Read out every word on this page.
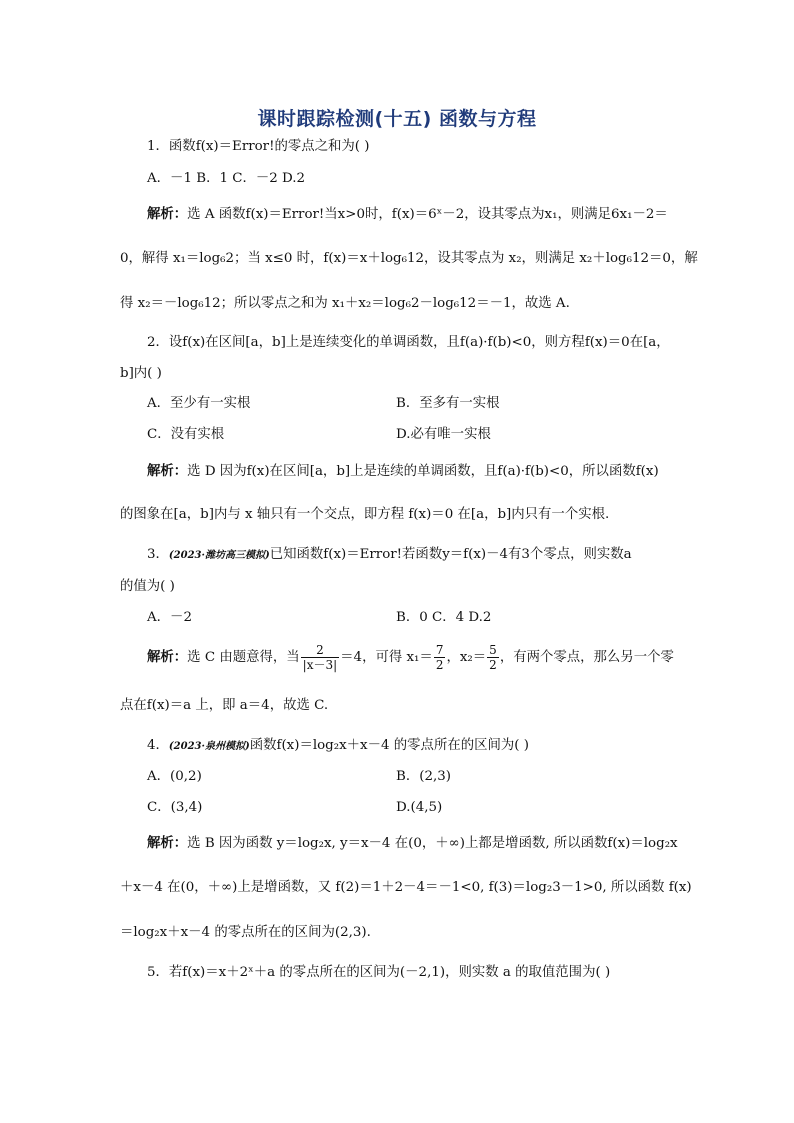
课时跟踪检测(十五) 函数与方程
1．函数f(x)＝Error!的零点之和为( )
A．－1 B．1 C．－2 D.2
解析：选 A 函数f(x)＝Error!当x>0时，f(x)＝6ˣ－2，设其零点为x₁，则满足6x₁－2＝
0，解得 x₁＝log₆2；当 x≤0 时，f(x)＝x＋log₆12，设其零点为 x₂，则满足 x₂＋log₆12＝0，解
得 x₂＝－log₆12；所以零点之和为 x₁＋x₂＝log₆2－log₆12＝－1，故选 A.
2．设f(x)在区间[a，b]上是连续变化的单调函数，且f(a)·f(b)<0，则方程f(x)＝0在[a，
b]内( )
A．至少有一实根	B．至多有一实根
C．没有实根	D.必有唯一实根
解析：选 D 因为f(x)在区间[a，b]上是连续的单调函数，且f(a)·f(b)<0，所以函数f(x)
的图象在[a，b]内与 x 轴只有一个交点，即方程 f(x)＝0 在[a，b]内只有一个实根.
3．(2023·潍坊高三模拟)已知函数f(x)＝Error!若函数y＝f(x)－4有3个零点，则实数a
的值为( )
A．－2	B．0 C．4 D.2
解析：选 C 由题意得，当 $\frac{2}{|x-3|} =4$，可得 $x_1= \frac{7}{2}$ ，$x_2= \frac{5}{2}$ ，有两个零点，那么另一个零
点在f(x)＝a 上，即 a＝4，故选 C.
4．(2023·泉州模拟)函数f(x)＝log₂x＋x－4 的零点所在的区间为( )
A．(0,2)	B．(2,3)
C．(3,4)	D.(4,5)
解析：选 B 因为函数 y＝log₂x, y＝x－4 在(0，＋∞)上都是增函数, 所以函数f(x)＝log₂x
＋x－4 在(0，＋∞)上是增函数，又 f(2)＝1＋2－4＝－1<0, f(3)＝log₂3－1>0, 所以函数 f(x)
＝log₂x＋x－4 的零点所在的区间为(2,3).
5．若f(x)＝x＋2ˣ＋a 的零点所在的区间为(－2,1)，则实数 a 的取值范围为( )
